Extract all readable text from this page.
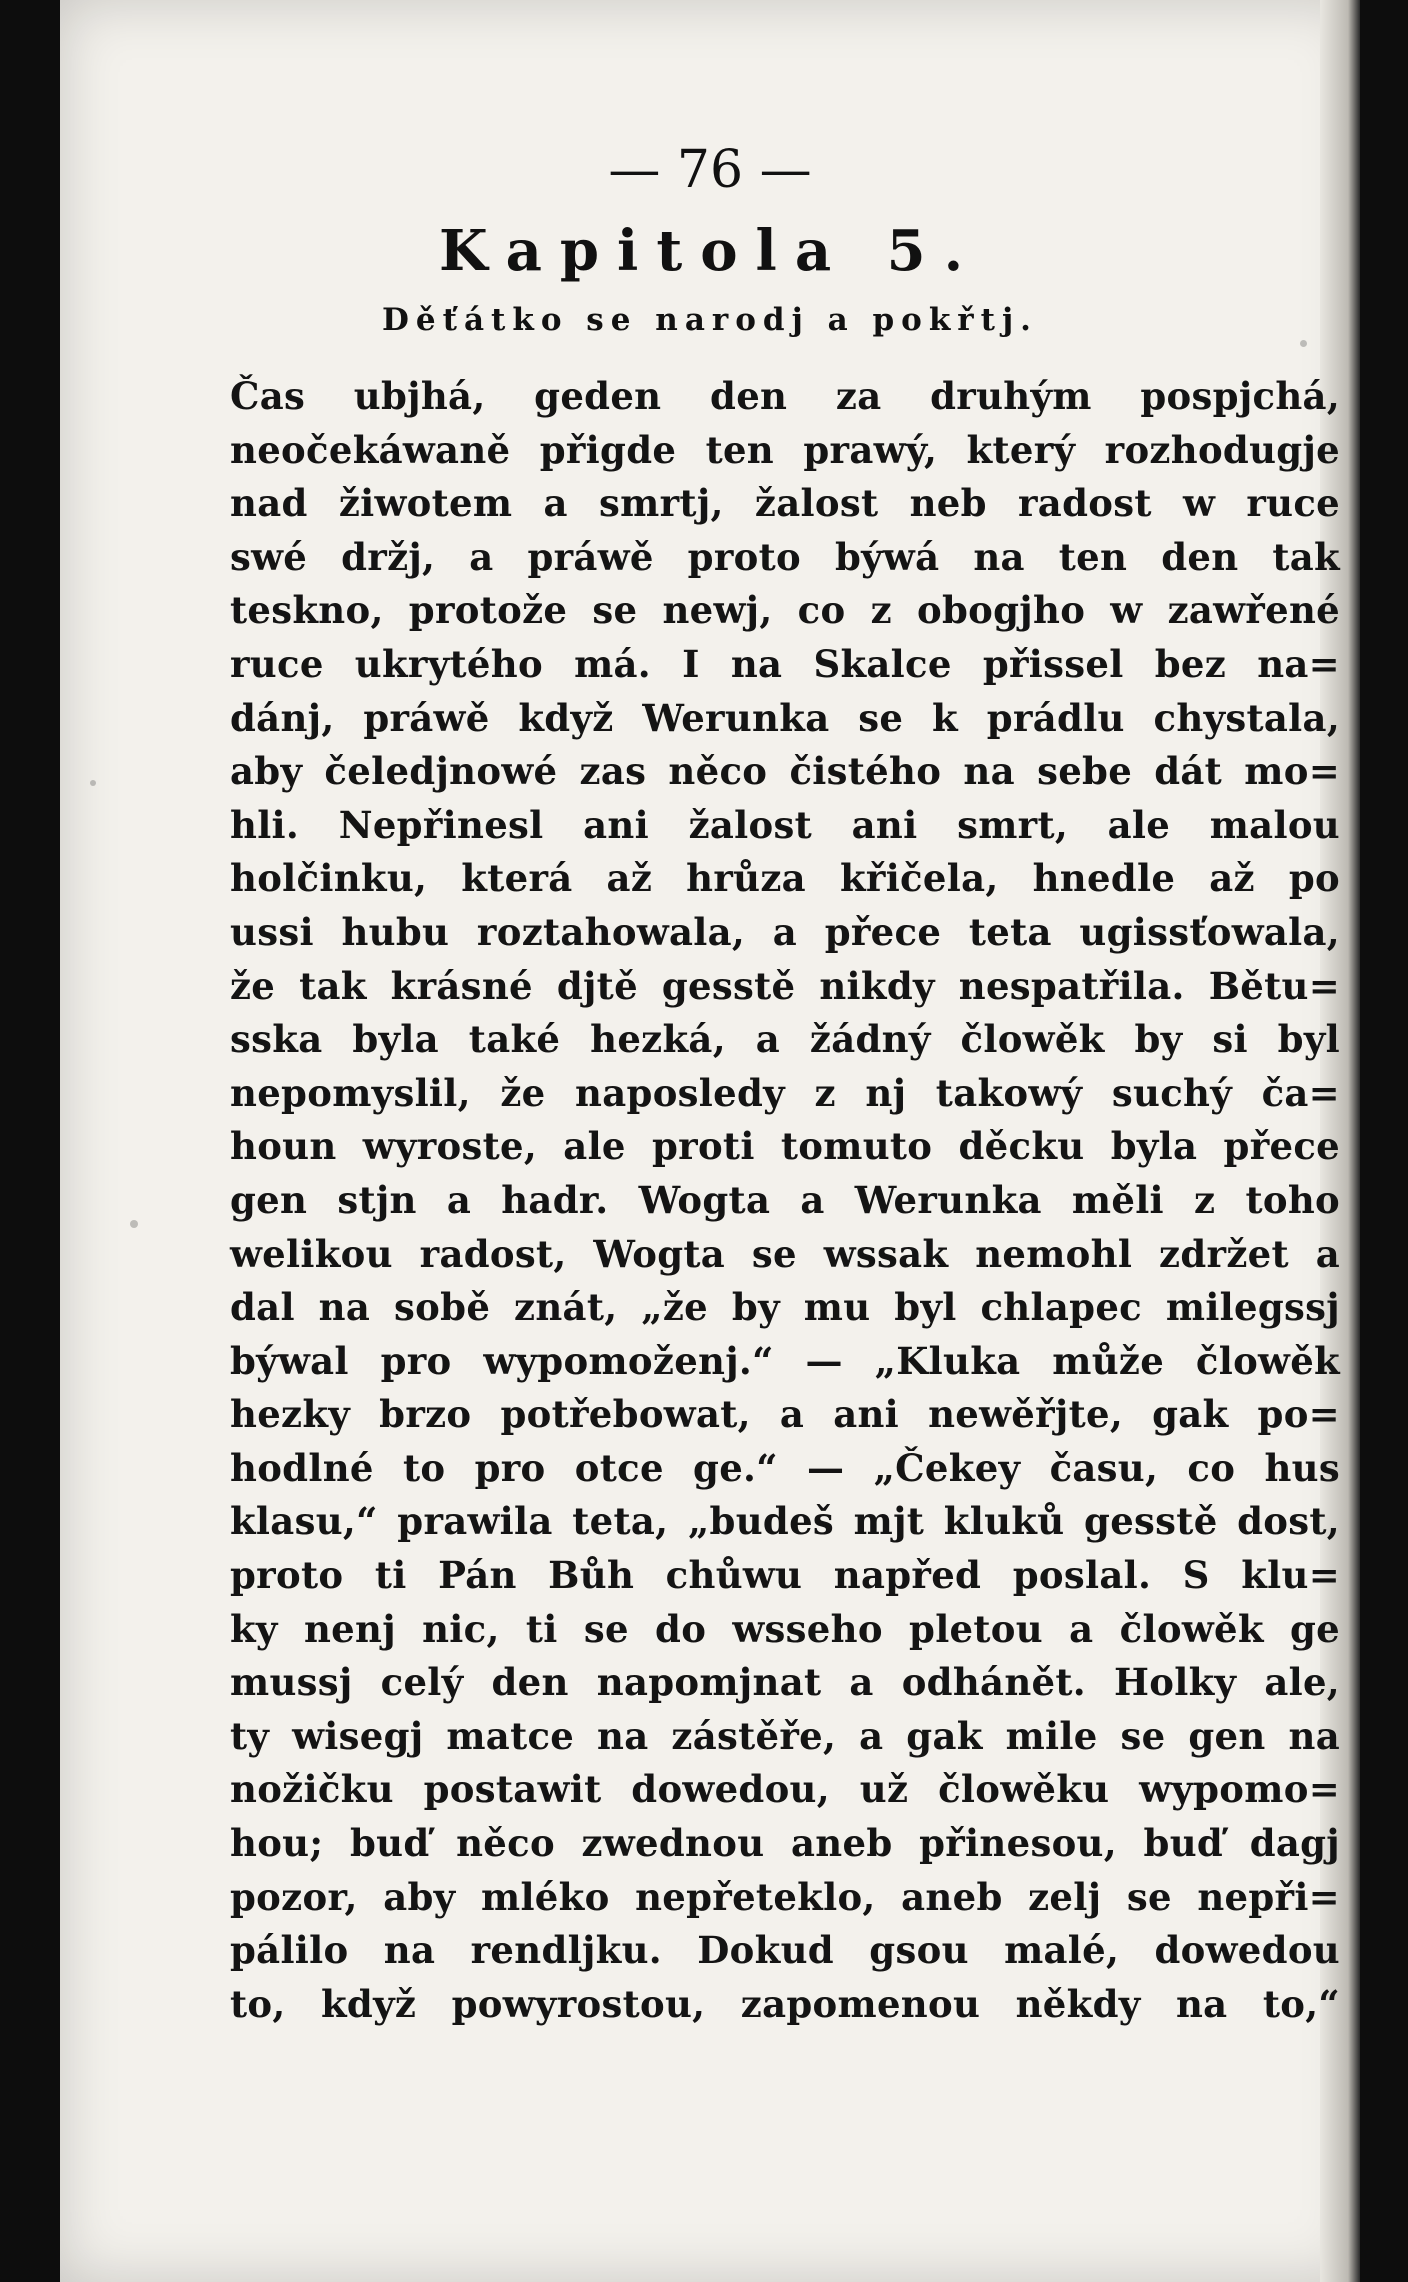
— 76 —
Kapitola 5.
Děťátko se narodj a pokřtj.
Čas ubjhá, geden den za druhým pospjchá,
neočekáwaně přigde ten prawý, který rozhodugje
nad žiwotem a smrtj, žalost neb radost w ruce
swé držj, a práwě proto býwá na ten den tak
teskno, protože se newj, co z obogjho w zawřené
ruce ukrytého má. I na Skalce přissel bez na=
dánj, práwě když Werunka se k prádlu chystala,
aby čeledjnowé zas něco čistého na sebe dát mo=
hli. Nepřinesl ani žalost ani smrt, ale malou
holčinku, která až hrůza křičela, hnedle až po
ussi hubu roztahowala, a přece teta ugissťowala,
že tak krásné djtě gesstě nikdy nespatřila. Bětu=
sska byla také hezká, a žádný člowěk by si byl
nepomyslil, že naposledy z nj takowý suchý ča=
houn wyroste, ale proti tomuto děcku byla přece
gen stjn a hadr. Wogta a Werunka měli z toho
welikou radost, Wogta se wssak nemohl zdržet a
dal na sobě znát, „že by mu byl chlapec milegssj
býwal pro wypomoženj.“ — „Kluka může člowěk
hezky brzo potřebowat, a ani newěřjte, gak po=
hodlné to pro otce ge.“ — „Čekey času, co hus
klasu,“ prawila teta, „budeš mjt kluků gesstě dost,
proto ti Pán Bůh chůwu napřed poslal. S klu=
ky nenj nic, ti se do wsseho pletou a člowěk ge
mussj celý den napomjnat a odhánět. Holky ale,
ty wisegj matce na zástěře, a gak mile se gen na
nožičku postawit dowedou, už člowěku wypomo=
hou; buď něco zwednou aneb přinesou, buď dagj
pozor, aby mléko nepřeteklo, aneb zelj se nepři=
pálilo na rendljku. Dokud gsou malé, dowedou
to, když powyrostou, zapomenou někdy na to,“
